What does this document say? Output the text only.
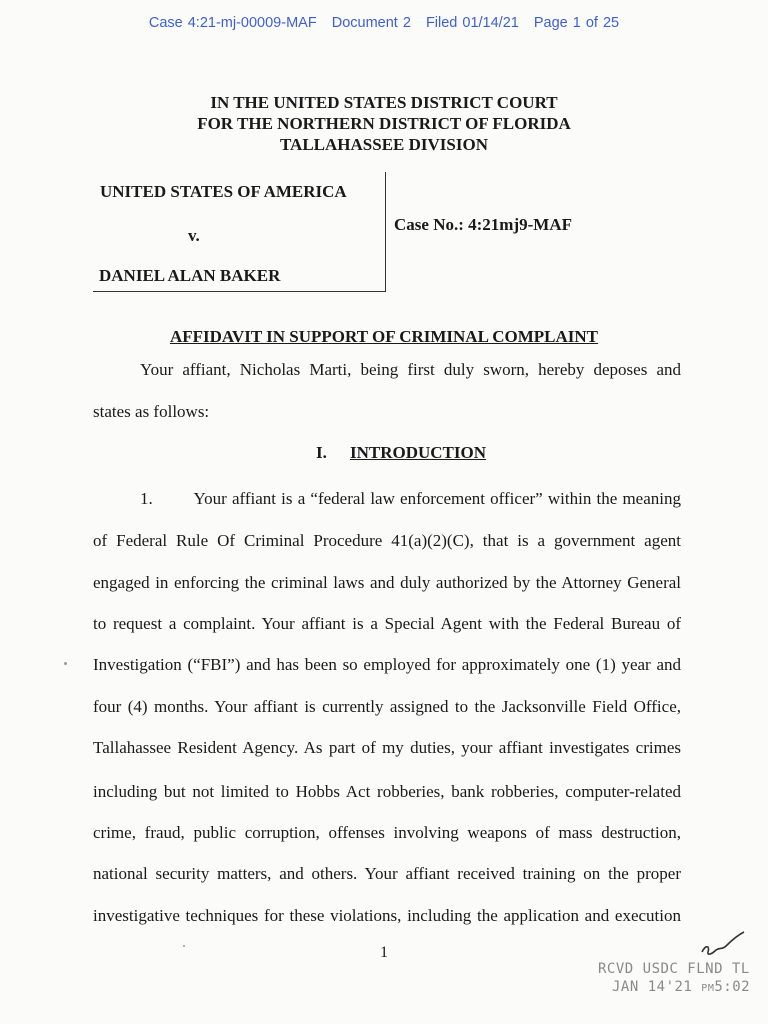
Case 4:21-mj-00009-MAF Document 2 Filed 01/14/21 Page 1 of 25
IN THE UNITED STATES DISTRICT COURT
FOR THE NORTHERN DISTRICT OF FLORIDA
TALLAHASSEE DIVISION
UNITED STATES OF AMERICA
v.
DANIEL ALAN BAKER
Case No.: 4:21mj9-MAF
AFFIDAVIT IN SUPPORT OF CRIMINAL COMPLAINT
Your affiant, Nicholas Marti, being first duly sworn, hereby deposes and
states as follows:
I. INTRODUCTION
1.        Your affiant is a “federal law enforcement officer” within the meaning
of Federal Rule Of Criminal Procedure 41(a)(2)(C), that is a government agent
engaged in enforcing the criminal laws and duly authorized by the Attorney General
to request a complaint. Your affiant is a Special Agent with the Federal Bureau of
Investigation (“FBI”) and has been so employed for approximately one (1) year and
four (4) months. Your affiant is currently assigned to the Jacksonville Field Office,
Tallahassee Resident Agency. As part of my duties, your affiant investigates crimes
including but not limited to Hobbs Act robberies, bank robberies, computer-related
crime, fraud, public corruption, offenses involving weapons of mass destruction,
national security matters, and others. Your affiant received training on the proper
investigative techniques for these violations, including the application and execution
1
RCVD USDC FLND TL
JAN 14'21 PM5:02
